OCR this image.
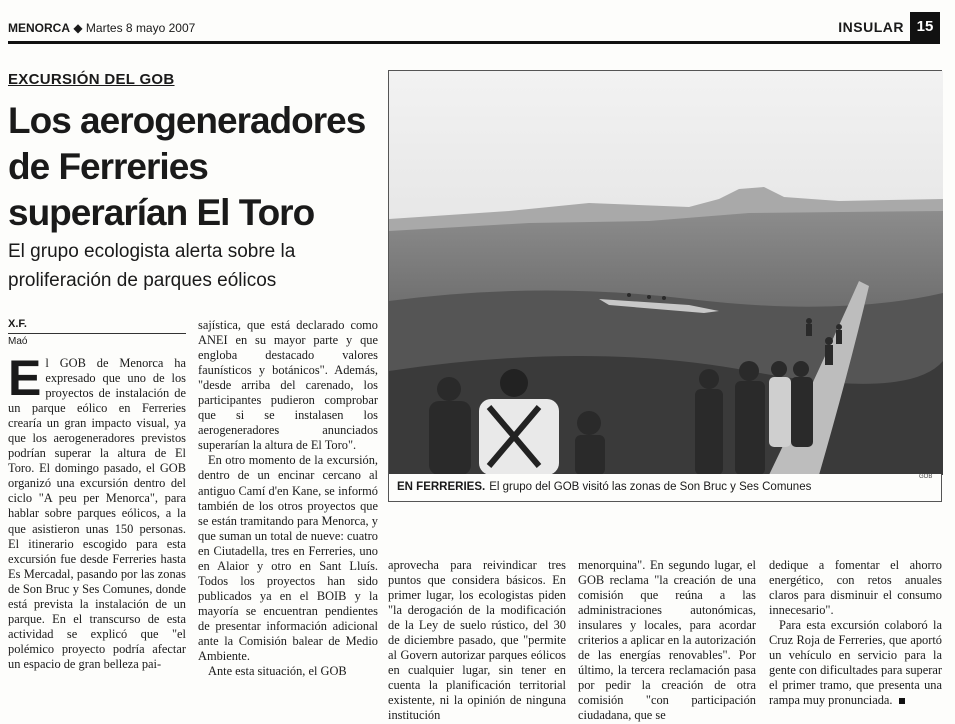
MENORCA ◆ Martes 8 mayo 2007	INSULAR 15
EXCURSIÓN DEL GOB
Los aerogeneradores
de Ferreries
superarían El Toro
El grupo ecologista alerta sobre la
proliferación de parques eólicos
X.F.
Maó

El GOB de Menorca ha expresado que uno de los proyectos de instalación de un parque eólico en Ferreries crearía un gran impacto visual, ya que los aerogeneradores previstos podrían superar la altura de El Toro. El domingo pasado, el GOB organizó una excursión dentro del ciclo "A peu per Menorca", para hablar sobre parques eólicos, a la que asistieron unas 150 personas. El itinerario escogido para esta excursión fue desde Ferreries hasta Es Mercadal, pasando por las zonas de Son Bruc y Ses Comunes, donde está prevista la instalación de un parque. En el transcurso de esta actividad se explicó que "el polémico proyecto podría afectar un espacio de gran belleza pai-

sajística, que está declarado como ANEI en su mayor parte y que engloba destacado valores faunísticos y botánicos". Además, "desde arriba del carenado, los participantes pudieron comprobar que si se instalasen los aerogeneradores anunciados superarían la altura de El Toro".

En otro momento de la excursión, dentro de un encinar cercano al antiguo Camí d'en Kane, se informó también de los otros proyectos que se están tramitando para Menorca, y que suman un total de nueve: cuatro en Ciutadella, tres en Ferreries, uno en Alaior y otro en Sant Lluís. Todos los proyectos han sido publicados ya en el BOIB y la mayoría se encuentran pendientes de presentar información adicional ante la Comisión balear de Medio Ambiente.

Ante esta situación, el GOB

aprovecha para reivindicar tres puntos que considera básicos. En primer lugar, los ecologistas piden "la derogación de la modificación de la Ley de suelo rústico, del 30 de diciembre pasado, que "permite al Govern autorizar parques eólicos en cualquier lugar, sin tener en cuenta la planificación territorial existente, ni la opinión de ninguna institución

menorquina". En segundo lugar, el GOB reclama "la creación de una comisión que reúna a las administraciones autonómicas, insulares y locales, para acordar criterios a aplicar en la autorización de las energías renovables". Por último, la tercera reclamación pasa por pedir la creación de otra comisión "con participación ciudadana, que se

dedique a fomentar el ahorro energético, con retos anuales claros para disminuir el consumo innecesario".

Para esta excursión colaboró la Cruz Roja de Ferreries, que aportó un vehículo en servicio para la gente con dificultades para superar el primer tramo, que presenta una rampa muy pronunciada.

EN FERRERIES. El grupo del GOB visitó las zonas de Son Bruc y Ses Comunes
GOB
